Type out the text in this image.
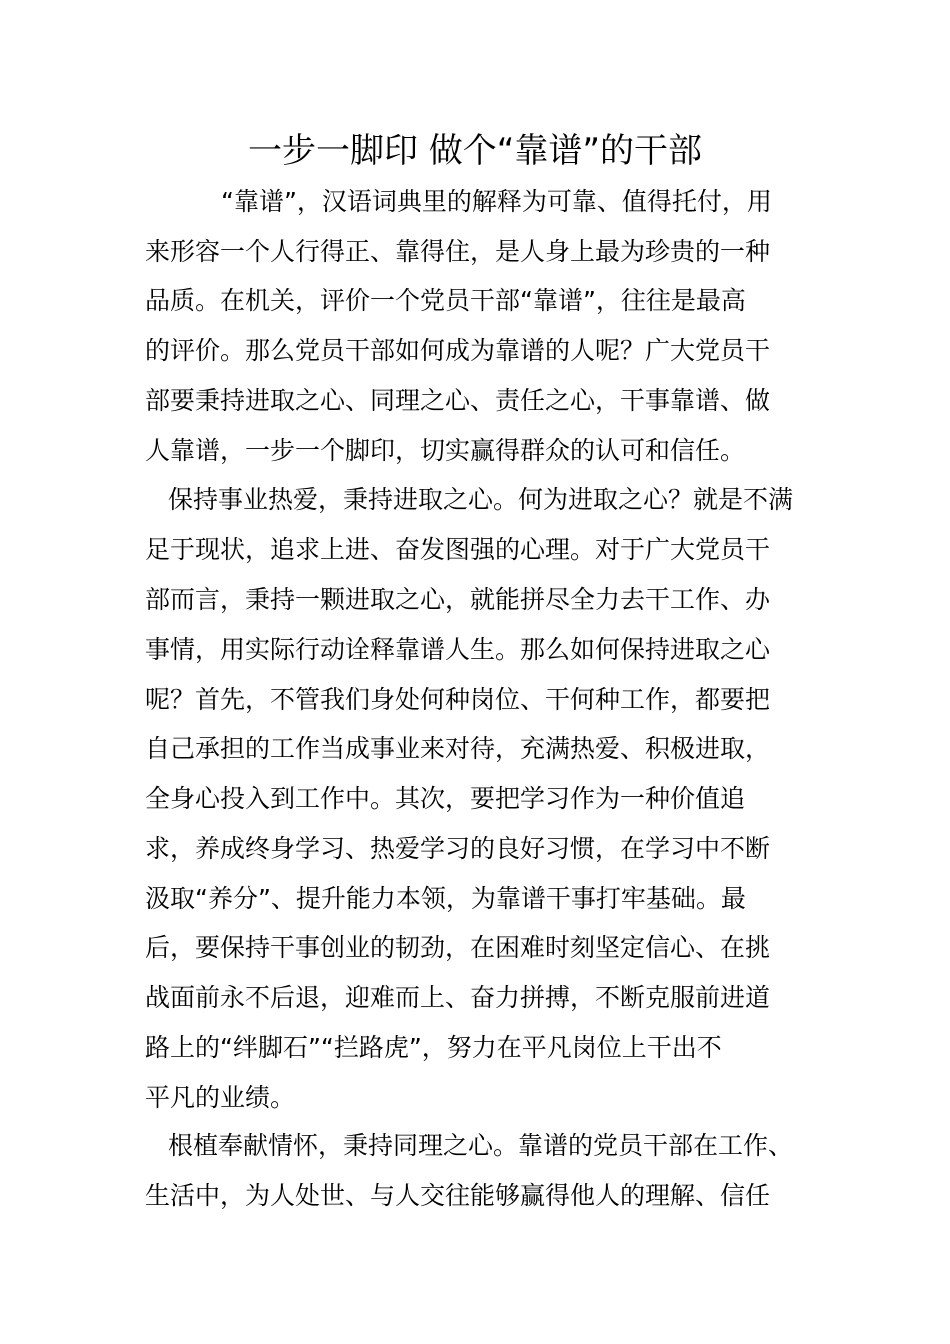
一步一脚印 做个“靠谱”的干部

“靠谱”，汉语词典里的解释为可靠、值得托付，用

来形容一个人行得正、靠得住，是人身上最为珍贵的一种

品质。在机关，评价一个党员干部“靠谱”，往往是最高

的评价。那么党员干部如何成为靠谱的人呢？广大党员干

部要秉持进取之心、同理之心、责任之心，干事靠谱、做

人靠谱，一步一个脚印，切实赢得群众的认可和信任。

保持事业热爱，秉持进取之心。何为进取之心？就是不满

足于现状，追求上进、奋发图强的心理。对于广大党员干

部而言，秉持一颗进取之心，就能拼尽全力去干工作、办

事情，用实际行动诠释靠谱人生。那么如何保持进取之心

呢？首先，不管我们身处何种岗位、干何种工作，都要把

自己承担的工作当成事业来对待，充满热爱、积极进取，

全身心投入到工作中。其次，要把学习作为一种价值追

求，养成终身学习、热爱学习的良好习惯，在学习中不断

汲取“养分”、提升能力本领，为靠谱干事打牢基础。最

后，要保持干事创业的韧劲，在困难时刻坚定信心、在挑

战面前永不后退，迎难而上、奋力拼搏，不断克服前进道

路上的“绊脚石”“拦路虎”，努力在平凡岗位上干出不

平凡的业绩。

根植奉献情怀，秉持同理之心。靠谱的党员干部在工作、

生活中，为人处世、与人交往能够赢得他人的理解、信任
